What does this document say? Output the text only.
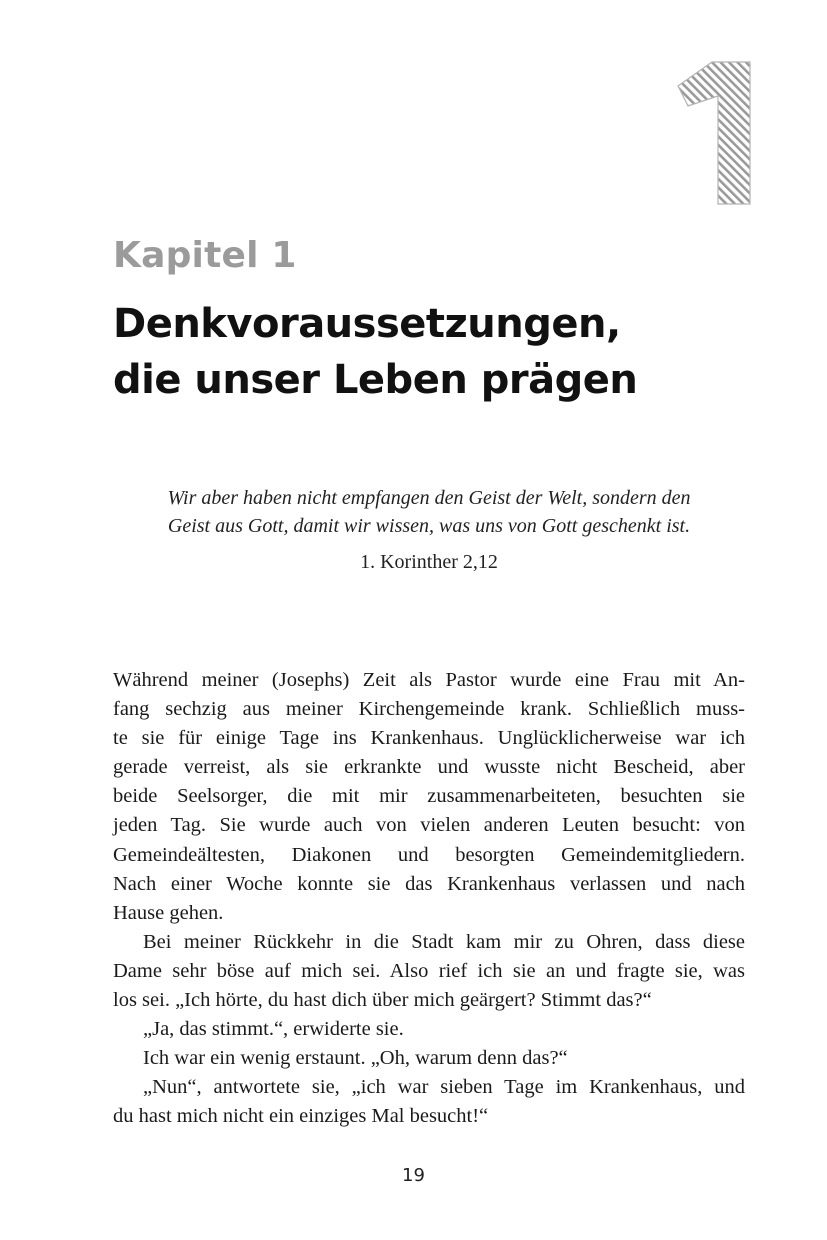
Kapitel 1
Denkvoraussetzungen,
die unser Leben prägen
Wir aber haben nicht empfangen den Geist der Welt, sondern den
Geist aus Gott, damit wir wissen, was uns von Gott geschenkt ist.
1. Korinther 2,12
Während meiner (Josephs) Zeit als Pastor wurde eine Frau mit An-
fang sechzig aus meiner Kirchengemeinde krank. Schließlich muss-
te sie für einige Tage ins Krankenhaus. Unglücklicherweise war ich
gerade verreist, als sie erkrankte und wusste nicht Bescheid, aber
beide Seelsorger, die mit mir zusammenarbeiteten, besuchten sie
jeden Tag. Sie wurde auch von vielen anderen Leuten besucht: von
Gemeindeältesten, Diakonen und besorgten Gemeindemitgliedern.
Nach einer Woche konnte sie das Krankenhaus verlassen und nach
Hause gehen.
Bei meiner Rückkehr in die Stadt kam mir zu Ohren, dass diese
Dame sehr böse auf mich sei. Also rief ich sie an und fragte sie, was
los sei. „Ich hörte, du hast dich über mich geärgert? Stimmt das?“
„Ja, das stimmt.“, erwiderte sie.
Ich war ein wenig erstaunt. „Oh, warum denn das?“
„Nun“, antwortete sie, „ich war sieben Tage im Krankenhaus, und
du hast mich nicht ein einziges Mal besucht!“
19
